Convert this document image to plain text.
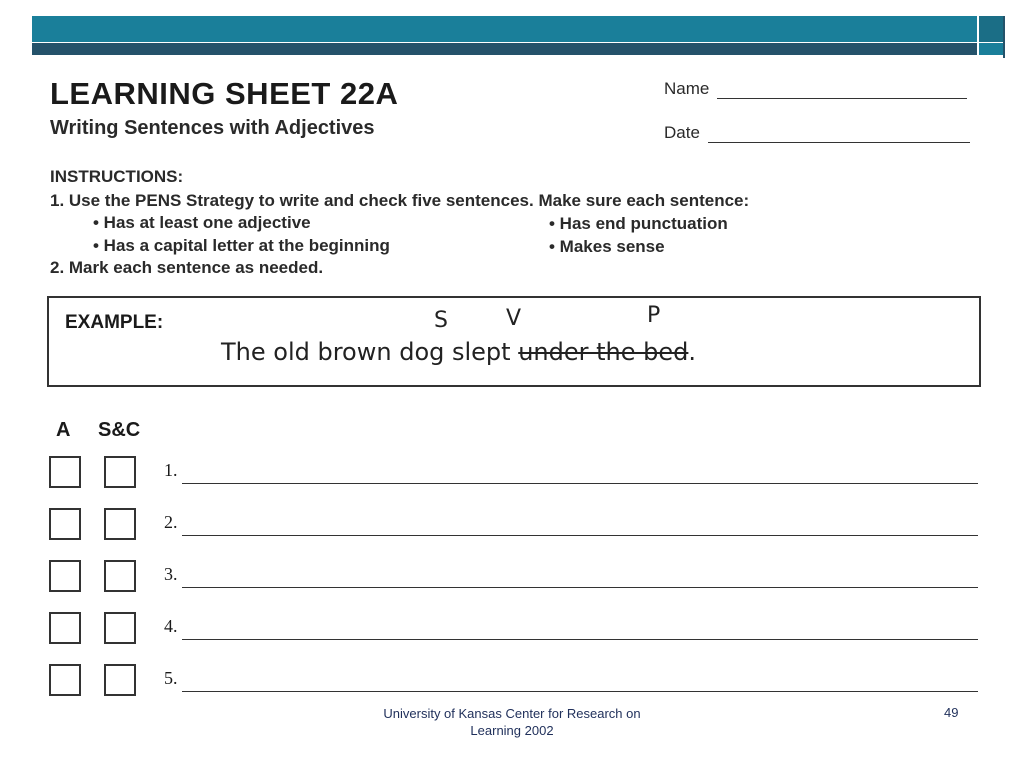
LEARNING SHEET 22A
Writing Sentences with Adjectives
Name
Date
INSTRUCTIONS:
1. Use the PENS Strategy to write and check five sentences. Make sure each sentence:
• Has at least one adjective
• Has a capital letter at the beginning
• Has end punctuation
• Makes sense
2. Mark each sentence as needed.
EXAMPLE:	S	V	P
The old brown dog slept under the bed.
A S&C
1.
2.
3.
4.
5.
University of Kansas Center for Research on
Learning 2002
49
